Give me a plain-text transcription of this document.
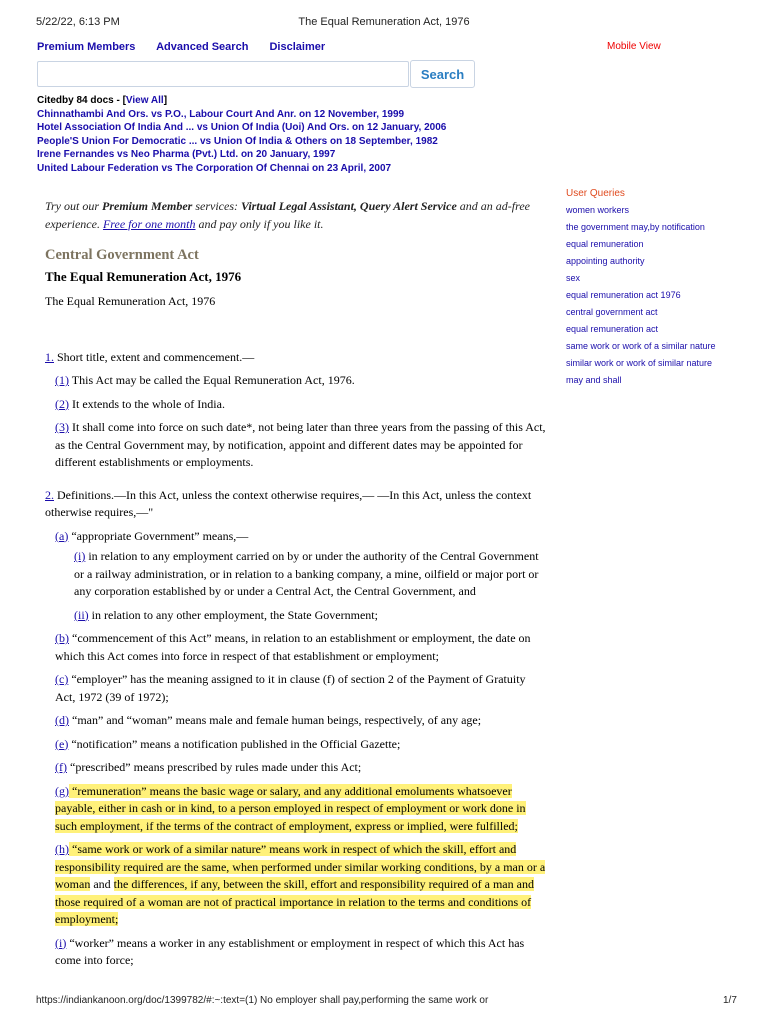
5/22/22, 6:13 PM	The Equal Remuneration Act, 1976
Premium Members Advanced Search Disclaimer	Mobile View
Search
Citedby 84 docs - [View All]
Chinnathambi And Ors. vs P.O., Labour Court And Anr. on 12 November, 1999
Hotel Association Of India And ... vs Union Of India (Uoi) And Ors. on 12 January, 2006
People'S Union For Democratic ... vs Union Of India & Others on 18 September, 1982
Irene Fernandes vs Neo Pharma (Pvt.) Ltd. on 20 January, 1997
United Labour Federation vs The Corporation Of Chennai on 23 April, 2007

Try out our Premium Member services: Virtual Legal Assistant, Query Alert Service and an ad-free experience. Free for one month and pay only if you like it.

Central Government Act
The Equal Remuneration Act, 1976
The Equal Remuneration Act, 1976

1. Short title, extent and commencement.—

(1) This Act may be called the Equal Remuneration Act, 1976.

(2) It extends to the whole of India.

(3) It shall come into force on such date*, not being later than three years from the passing of this Act, as the Central Government may, by notification, appoint and different dates may be appointed for different establishments or employments.

2. Definitions.—In this Act, unless the context otherwise requires,— —In this Act, unless the context otherwise requires,—"

(a) “appropriate Government” means,—

(i) in relation to any employment carried on by or under the authority of the Central Government or a railway administration, or in relation to a banking company, a mine, oilfield or major port or any corporation established by or under a Central Act, the Central Government, and

(ii) in relation to any other employment, the State Government;

(b) “commencement of this Act” means, in relation to an establishment or employment, the date on which this Act comes into force in respect of that establishment or employment;

(c) “employer” has the meaning assigned to it in clause (f) of section 2 of the Payment of Gratuity Act, 1972 (39 of 1972);

(d) “man” and “woman” means male and female human beings, respectively, of any age;

(e) “notification” means a notification published in the Official Gazette;

(f) “prescribed” means prescribed by rules made under this Act;

(g) “remuneration” means the basic wage or salary, and any additional emoluments whatsoever payable, either in cash or in kind, to a person employed in respect of employment or work done in such employment, if the terms of the contract of employment, express or implied, were fulfilled;

(h) “same work or work of a similar nature” means work in respect of which the skill, effort and responsibility required are the same, when performed under similar working conditions, by a man or a woman and the differences, if any, between the skill, effort and responsibility required of a man and those required of a woman are not of practical importance in relation to the terms and conditions of employment;

(i) “worker” means a worker in any establishment or employment in respect of which this Act has come into force;

User Queries
women workers
the government may,by notification
equal remuneration
appointing authority
sex
equal remuneration act 1976
central government act
equal remuneration act
same work or work of a similar nature
similar work or work of similar nature
may and shall
https://indiankanoon.org/doc/1399782/#:~:text=(1) No employer shall pay,performing the same work or	1/7
